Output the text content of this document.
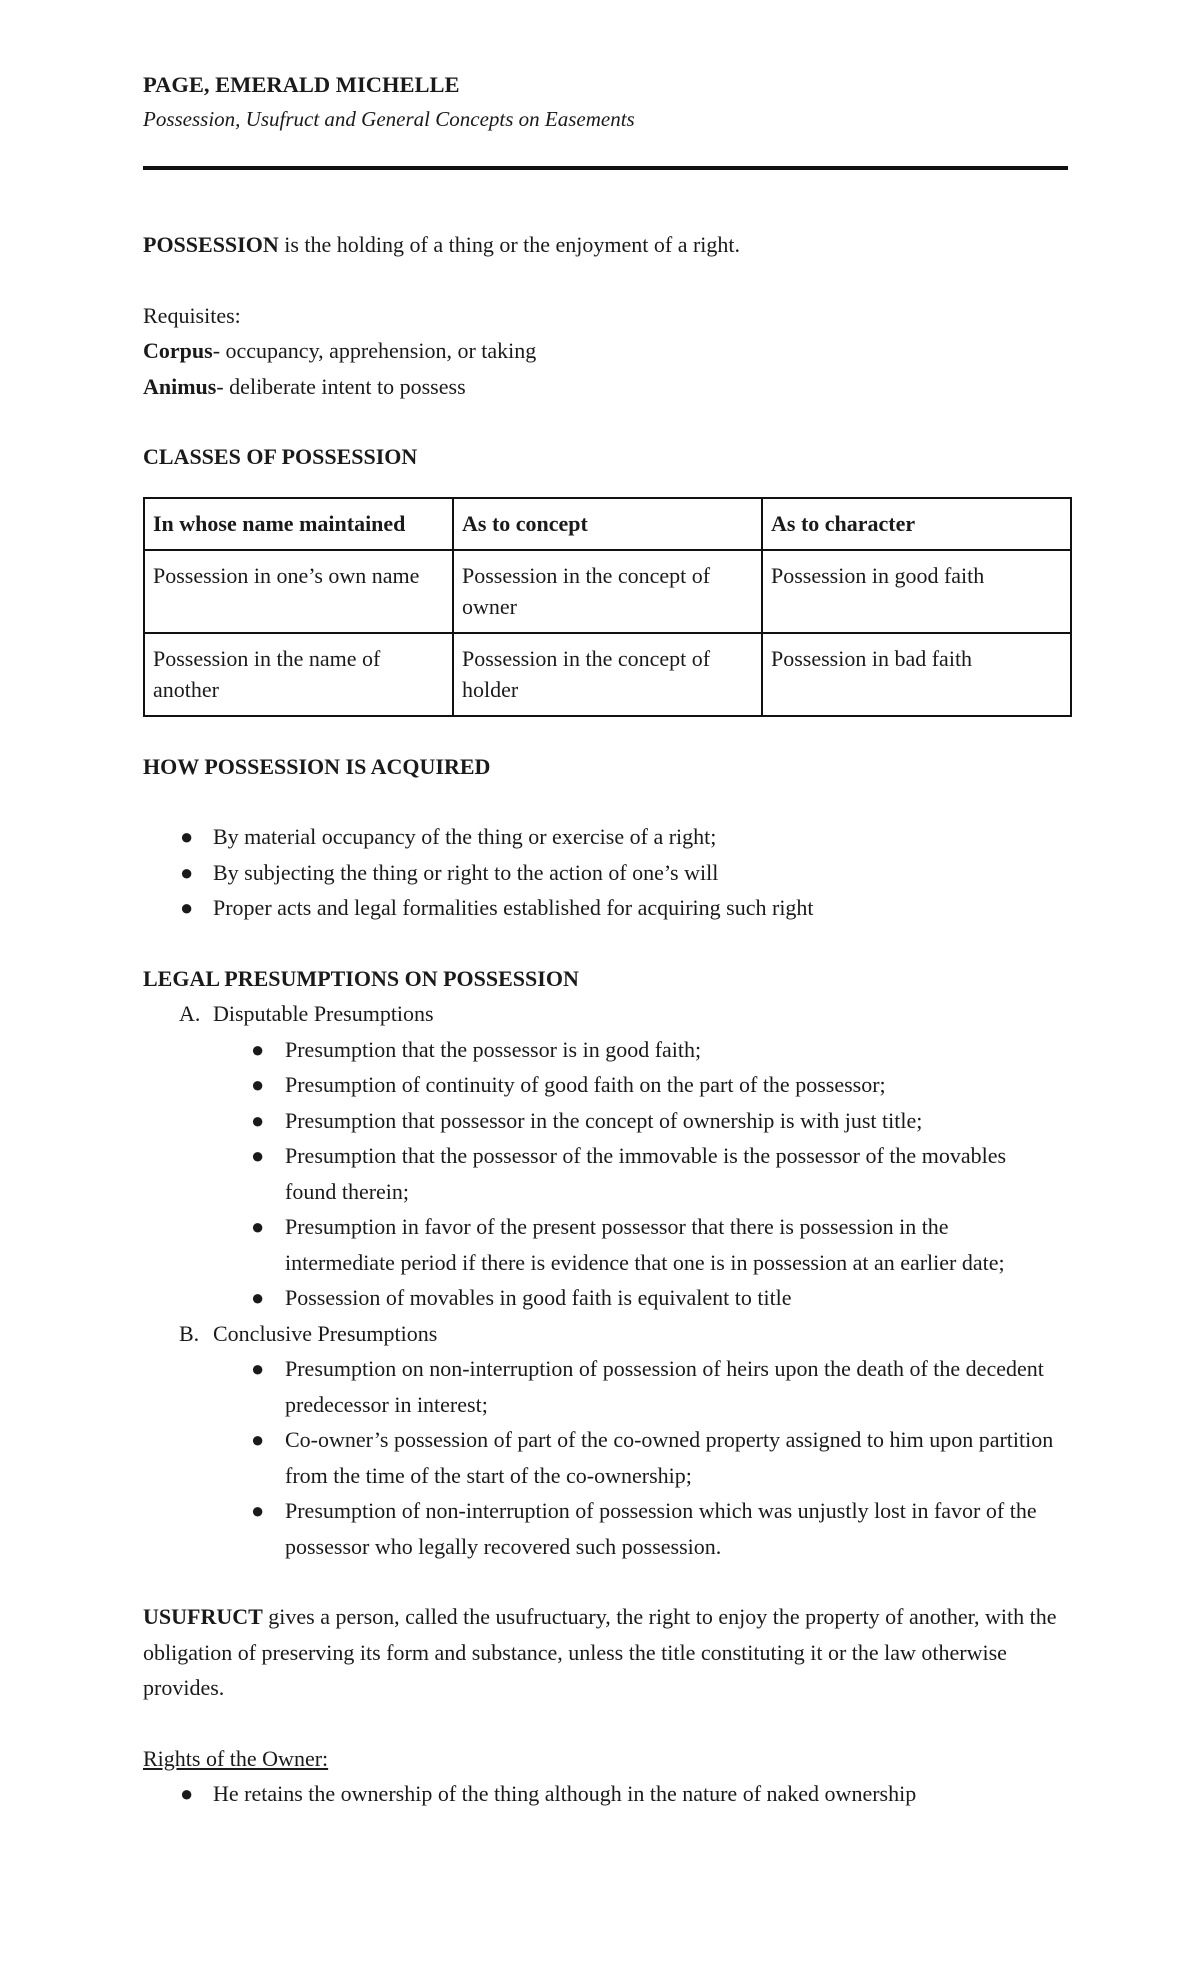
PAGE, EMERALD MICHELLE

Possession, Usufruct and General Concepts on Easements

POSSESSION is the holding of a thing or the enjoyment of a right.

Requisites:

Corpus- occupancy, apprehension, or taking

Animus- deliberate intent to possess

CLASSES OF POSSESSION

In whose name maintained	As to concept	As to character
Possession in one’s own name	Possession in the concept of owner	Possession in good faith
Possession in the name of another	Possession in the concept of holder	Possession in bad faith

HOW POSSESSION IS ACQUIRED

● By material occupancy of the thing or exercise of a right;
● By subjecting the thing or right to the action of one’s will
● Proper acts and legal formalities established for acquiring such right

LEGAL PRESUMPTIONS ON POSSESSION

A. Disputable Presumptions
● Presumption that the possessor is in good faith;
● Presumption of continuity of good faith on the part of the possessor;
● Presumption that possessor in the concept of ownership is with just title;
● Presumption that the possessor of the immovable is the possessor of the movables found therein;
● Presumption in favor of the present possessor that there is possession in the intermediate period if there is evidence that one is in possession at an earlier date;
● Possession of movables in good faith is equivalent to title
B. Conclusive Presumptions
● Presumption on non-interruption of possession of heirs upon the death of the decedent predecessor in interest;
● Co-owner’s possession of part of the co-owned property assigned to him upon partition from the time of the start of the co-ownership;
● Presumption of non-interruption of possession which was unjustly lost in favor of the possessor who legally recovered such possession.

USUFRUCT gives a person, called the usufructuary, the right to enjoy the property of another, with the obligation of preserving its form and substance, unless the title constituting it or the law otherwise provides.

Rights of the Owner:

● He retains the ownership of the thing although in the nature of naked ownership
